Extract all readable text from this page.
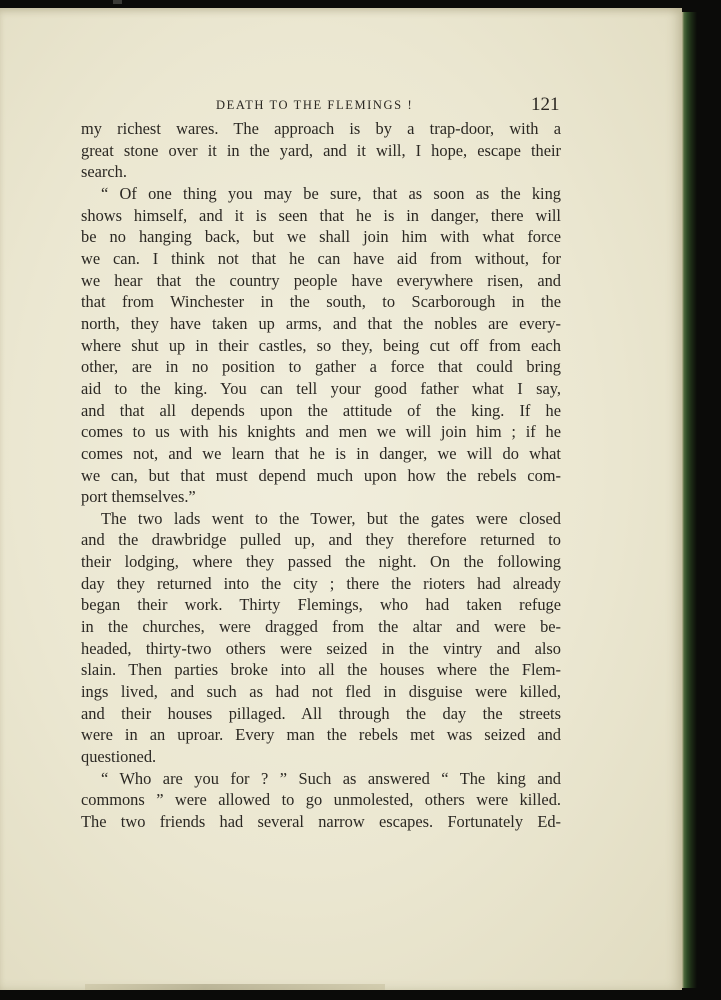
DEATH TO THE FLEMINGS !	121
my richest wares. The approach is by a trap-door, with a
great stone over it in the yard, and it will, I hope, escape their
search.
“ Of one thing you may be sure, that as soon as the king
shows himself, and it is seen that he is in danger, there will
be no hanging back, but we shall join him with what force
we can. I think not that he can have aid from without, for
we hear that the country people have everywhere risen, and
that from Winchester in the south, to Scarborough in the
north, they have taken up arms, and that the nobles are every-
where shut up in their castles, so they, being cut off from each
other, are in no position to gather a force that could bring
aid to the king. You can tell your good father what I say,
and that all depends upon the attitude of the king. If he
comes to us with his knights and men we will join him ; if he
comes not, and we learn that he is in danger, we will do what
we can, but that must depend much upon how the rebels com-
port themselves.”
The two lads went to the Tower, but the gates were closed
and the drawbridge pulled up, and they therefore returned to
their lodging, where they passed the night. On the following
day they returned into the city ; there the rioters had already
began their work. Thirty Flemings, who had taken refuge
in the churches, were dragged from the altar and were be-
headed, thirty-two others were seized in the vintry and also
slain. Then parties broke into all the houses where the Flem-
ings lived, and such as had not fled in disguise were killed,
and their houses pillaged. All through the day the streets
were in an uproar. Every man the rebels met was seized and
questioned.
“ Who are you for ? ” Such as answered “ The king and
commons ” were allowed to go unmolested, others were killed.
The two friends had several narrow escapes. Fortunately Ed-
